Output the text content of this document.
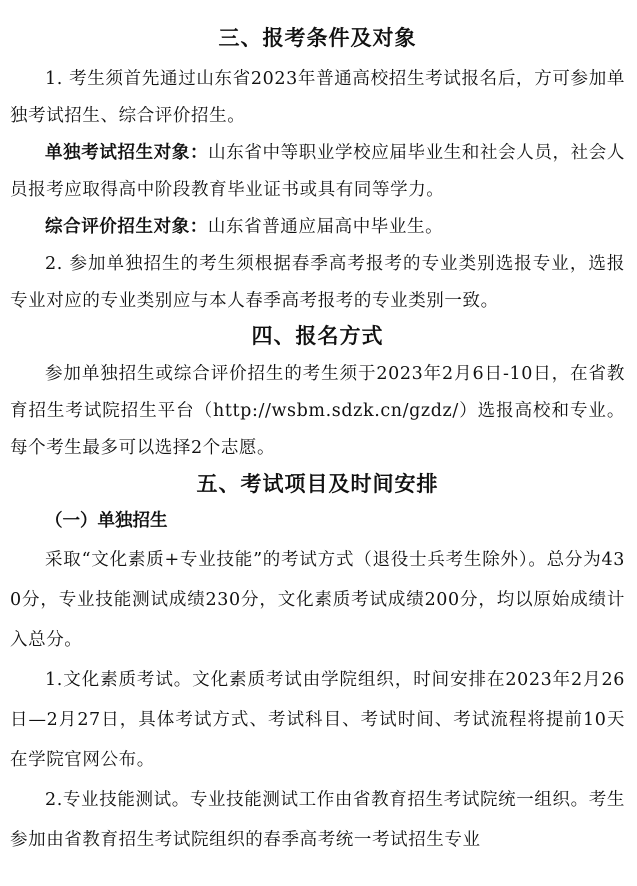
三、报考条件及对象

1. 考生须首先通过山东省2023年普通高校招生考试报名后，方可参加单独考试招生、综合评价招生。

单独考试招生对象：山东省中等职业学校应届毕业生和社会人员，社会人员报考应取得高中阶段教育毕业证书或具有同等学力。

综合评价招生对象：山东省普通应届高中毕业生。

2. 参加单独招生的考生须根据春季高考报考的专业类别选报专业，选报专业对应的专业类别应与本人春季高考报考的专业类别一致。

四、报名方式

参加单独招生或综合评价招生的考生须于2023年2月6日-10日，在省教育招生考试院招生平台（http://wsbm.sdzk.cn/gzdz/）选报高校和专业。每个考生最多可以选择2个志愿。

五、考试项目及时间安排

（一）单独招生

采取“文化素质+专业技能”的考试方式（退役士兵考生除外）。总分为430分，专业技能测试成绩230分，文化素质考试成绩200分，均以原始成绩计入总分。

1.文化素质考试。文化素质考试由学院组织，时间安排在2023年2月26日—2月27日，具体考试方式、考试科目、考试时间、考试流程将提前10天在学院官网公布。

2.专业技能测试。专业技能测试工作由省教育招生考试院统一组织。考生参加由省教育招生考试院组织的春季高考统一考试招生专业
